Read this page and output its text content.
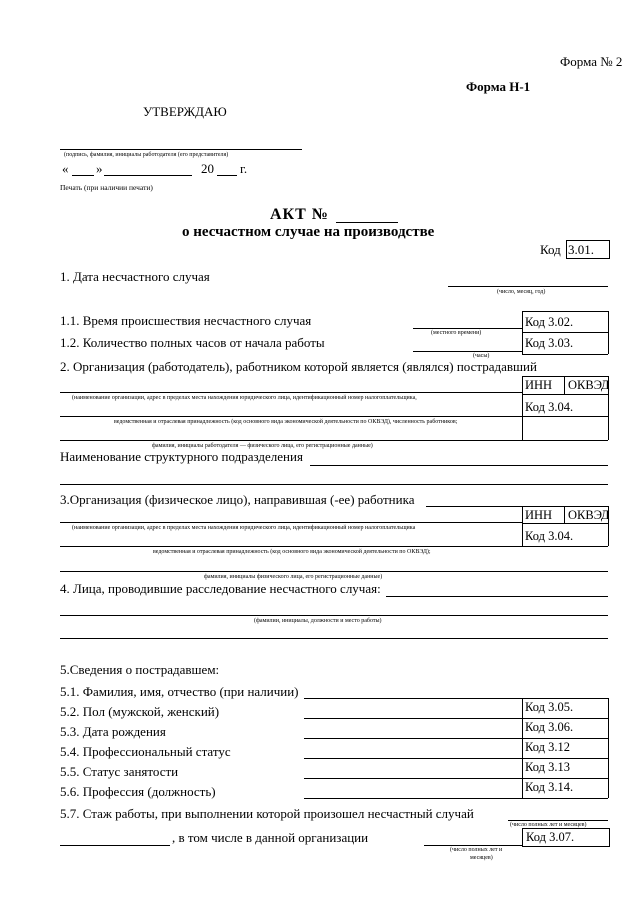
Форма № 2
Форма Н-1
УТВЕРЖДАЮ
(подпись, фамилия, инициалы работодателя (его представителя)
« »	20 г.
Печать (при наличии печати)
АКТ №
о несчастном случае на производстве
Код 3.01.
1. Дата несчастного случая
(число, месяц, год)
1.1. Время происшествия несчастного случая
(местного времени)
1.2. Количество полных часов от начала работы
(часы)
Код 3.02.
Код 3.03.
2. Организация (работодатель), работником которой является (являлся) пострадавший
ИНН ОКВЭД
Код 3.04.
(наименование организации, адрес в пределах места нахождения юридического лица, идентификационный номер налогоплательщика,
ведомственная и отраслевая принадлежность (код основного вида экономической деятельности по ОКВЭД), численность работников;
фамилия, инициалы работодателя — физического лица, его регистрационные данные)
Наименование структурного подразделения
3.Организация (физическое лицо), направившая (-ее) работника
ИНН ОКВЭД
Код 3.04.
(наименование организации, адрес в пределах места нахождения юридического лица, идентификационный номер налогоплательщика
ведомственная и отраслевая принадлежность (код основного вида экономической деятельности по ОКВЭД);
фамилия, инициалы физического лица, его регистрационные данные)
4. Лица, проводившие расследование несчастного случая:
(фамилии, инициалы, должности и место работы)
5.Сведения о пострадавшем:
5.1. Фамилия, имя, отчество (при наличии)
Код 3.05.
Код 3.06.
Код 3.12
Код 3.13
Код 3.14.
5.2. Пол (мужской, женский)
5.3. Дата рождения
5.4. Профессиональный статус
5.5. Статус занятости
5.6. Профессия (должность)
5.7. Стаж работы, при выполнении которой произошел несчастный случай
(число полных лет и месяцев)
, в том числе в данной организации	Код 3.07.
(число полных лет и
месяцев)
